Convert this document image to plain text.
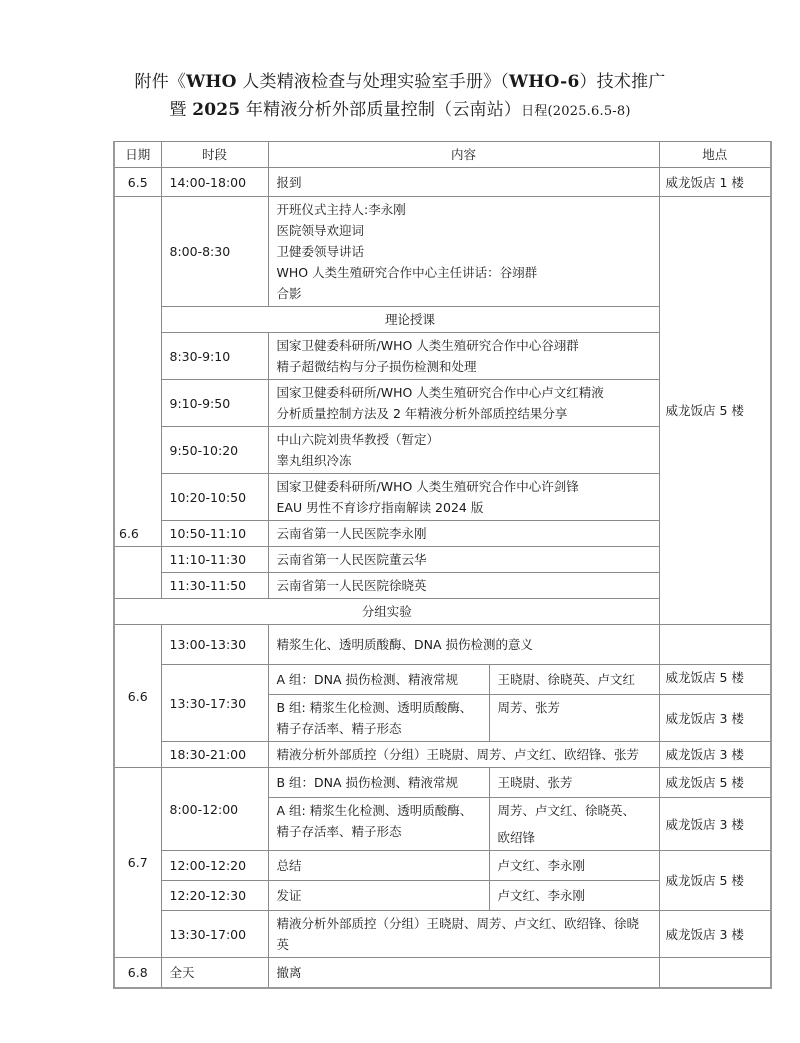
附件《WHO 人类精液检查与处理实验室手册》（WHO-6）技术推广
暨 2025 年精液分析外部质量控制（云南站）日程(2025.6.5-8)
日期	时段	内容		地点
6.5	14:00-18:00	报到		威龙饭店 1 楼
6.6	8:00-8:30	开班仪式主持人:李永刚
医院领导欢迎词
卫健委领导讲话
WHO 人类生殖研究合作中心主任讲话：谷翊群
合影		威龙饭店 5 楼
	理论授课			
	8:30-9:10	国家卫健委科研所/WHO 人类生殖研究合作中心谷翊群
精子超微结构与分子损伤检测和处理		

	9:10-9:50	国家卫健委科研所/WHO 人类生殖研究合作中心卢文红精液
分析质量控制方法及 2 年精液分析外部质控结果分享		

	9:50-10:20	中山六院刘贵华教授（暂定）
睾丸组织冷冻		

	10:20-10:50	国家卫健委科研所/WHO 人类生殖研究合作中心许剑锋
EAU 男性不育诊疗指南解读 2024 版		

	10:50-11:10	云南省第一人民医院李永刚		
	11:10-11:30	云南省第一人民医院董云华		
	11:30-11:50	云南省第一人民医院徐晓英		
分组实验				
6.6	13:00-13:30	精浆生化、透明质酸酶、DNA 损伤检测的意义		
	13:30-17:30	A 组：DNA 损伤检测、精液常规	王晓尉、徐晓英、卢文红	威龙饭店 5 楼
		B 组: 精浆生化检测、透明质酸酶、精子存活率、精子形态	周芳、张芳	威龙饭店 3 楼
	18:30-21:00	精液分析外部质控（分组）王晓尉、周芳、卢文红、欧绍锋、张芳		威龙饭店 3 楼
6.7	8:00-12:00	B 组：DNA 损伤检测、精液常规	王晓尉、张芳	威龙饭店 5 楼
		A 组: 精浆生化检测、透明质酸酶、精子存活率、精子形态	周芳、卢文红、徐晓英、
欧绍锋	威龙饭店 3 楼
	12:00-12:20	总结	卢文红、李永刚	威龙饭店 5 楼
	12:20-12:30	发证	卢文红、李永刚	
	13:30-17:00	精液分析外部质控（分组）王晓尉、周芳、卢文红、欧绍锋、徐晓英		威龙饭店 3 楼
6.8	全天	撤离		
